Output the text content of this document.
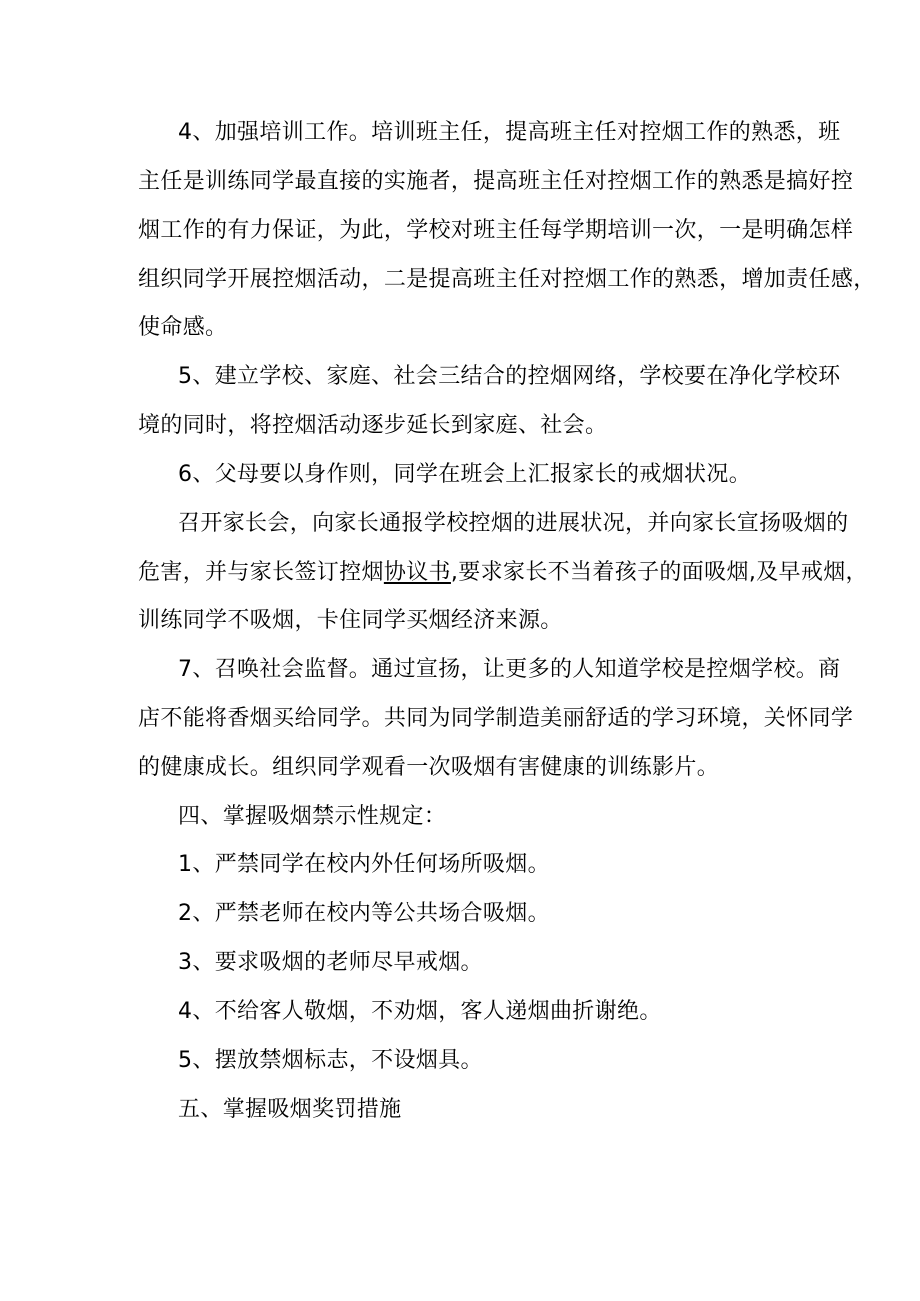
4、加强培训工作。培训班主任，提高班主任对控烟工作的熟悉，班
主任是训练同学最直接的实施者，提高班主任对控烟工作的熟悉是搞好控
烟工作的有力保证，为此，学校对班主任每学期培训一次，一是明确怎样
组织同学开展控烟活动，二是提高班主任对控烟工作的熟悉，增加责任感，
使命感。
5、建立学校、家庭、社会三结合的控烟网络，学校要在净化学校环
境的同时，将控烟活动逐步延长到家庭、社会。
6、父母要以身作则，同学在班会上汇报家长的戒烟状况。
召开家长会，向家长通报学校控烟的进展状况，并向家长宣扬吸烟的
危害，并与家长签订控烟协议书,要求家长不当着孩子的面吸烟,及早戒烟，
训练同学不吸烟，卡住同学买烟经济来源。
7、召唤社会监督。通过宣扬，让更多的人知道学校是控烟学校。商
店不能将香烟买给同学。共同为同学制造美丽舒适的学习环境，关怀同学
的健康成长。组织同学观看一次吸烟有害健康的训练影片。
四、掌握吸烟禁示性规定：
1、严禁同学在校内外任何场所吸烟。
2、严禁老师在校内等公共场合吸烟。
3、要求吸烟的老师尽早戒烟。
4、不给客人敬烟，不劝烟，客人递烟曲折谢绝。
5、摆放禁烟标志，不设烟具。
五、掌握吸烟奖罚措施
